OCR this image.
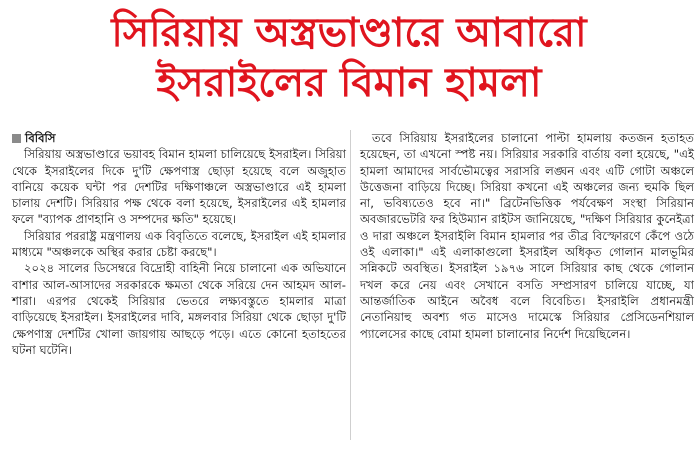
সিরিয়ায় অস্ত্রভাণ্ডারে আবারো
ইসরাইলের বিমান হামলা
বিবিসি

সিরিয়ায় অস্ত্রভাণ্ডারে ভয়াবহ বিমান হামলা চালিয়েছে ইসরাইল। সিরিয়া থেকে ইসরাইলের দিকে দু'টি ক্ষেপণাস্ত্র ছোড়া হয়েছে বলে অজুহাত বানিয়ে কয়েক ঘন্টা পর দেশটির দক্ষিণাঞ্চলে অস্ত্রভাণ্ডারে এই হামলা চালায় দেশটি। সিরিয়ার পক্ষ থেকে বলা হয়েছে, ইসরাইলের এই হামলার ফলে "ব্যাপক প্রাণহানি ও সম্পদের ক্ষতি" হয়েছে।

সিরিয়ার পররাষ্ট্র মন্ত্রণালয় এক বিবৃতিতে বলেছে, ইসরাইল এই হামলার মাধ্যমে "অঞ্চলকে অস্থির করার চেষ্টা করছে"।

২০২৪ সালের ডিসেম্বরে বিদ্রোহী বাহিনী নিয়ে চালানো এক অভিযানে বাশার আল-আসাদের সরকারকে ক্ষমতা থেকে সরিয়ে দেন আহমদ আল-শারা। এরপর থেকেই সিরিয়ার ভেতরে লক্ষ্যবস্তুতে হামলার মাত্রা বাড়িয়েছে ইসরাইল। ইসরাইলের দাবি, মঙ্গলবার সিরিয়া থেকে ছোড়া দু'টি ক্ষেপণাস্ত্র দেশটির খোলা জায়গায় আছড়ে পড়ে। এতে কোনো হতাহতের ঘটনা ঘটেনি।

তবে সিরিয়ায় ইসরাইলের চালানো পাল্টা হামলায় কতজন হতাহত হয়েছেন, তা এখনো স্পষ্ট নয়। সিরিয়ার সরকারি বার্তায় বলা হয়েছে, "এই হামলা আমাদের সার্বভৌমত্বের সরাসরি লঙ্ঘন এবং এটি গোটা অঞ্চলে উত্তেজনা বাড়িয়ে দিচ্ছে। সিরিয়া কখনো এই অঞ্চলের জন্য হুমকি ছিল না, ভবিষ্যতেও হবে না।" ব্রিটেনভিত্তিক পর্যবেক্ষণ সংস্থা সিরিয়ান অবজারভেটরি ফর হিউম্যান রাইটস জানিয়েছে, "দক্ষিণ সিরিয়ার কুনেইত্রা ও দারা অঞ্চলে ইসরাইলি বিমান হামলার পর তীব্র বিস্ফোরণে কেঁপে ওঠে ওই এলাকা।" এই এলাকাগুলো ইসরাইল অধিকৃত গোলান মালভূমির সন্নিকটে অবস্থিত। ইসরাইল ১৯৭৬ সালে সিরিয়ার কাছ থেকে গোলান দখল করে নেয় এবং সেখানে বসতি সম্প্রসারণ চালিয়ে যাচ্ছে, যা আন্তর্জাতিক আইনে অবৈধ বলে বিবেচিত। ইসরাইলি প্রধানমন্ত্রী নেতানিয়াহু অবশ্য গত মাসেও দামেস্কে সিরিয়ার প্রেসিডেনশিয়াল প্যালেসের কাছে বোমা হামলা চালানোর নির্দেশ দিয়েছিলেন।
